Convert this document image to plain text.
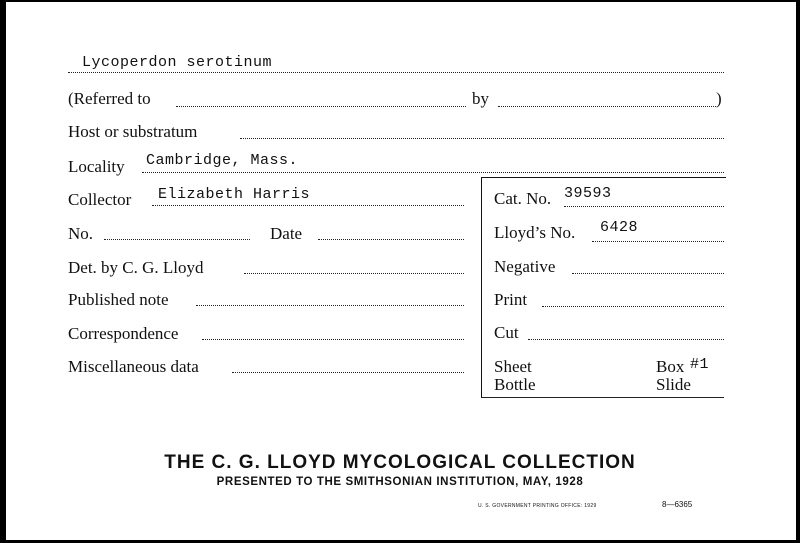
Lycoperdon serotinum
(Referred to	by	)
Host or substratum
Locality Cambridge, Mass.
Collector Elizabeth Harris
No.	Date
Det. by C. G. Lloyd
Published note
Correspondence
Miscellaneous data
Cat. No. 39593
Lloyd’s No. 6428
Negative
Print
Cut
Sheet	Box #1
Bottle	Slide
THE C. G. LLOYD MYCOLOGICAL COLLECTION
PRESENTED TO THE SMITHSONIAN INSTITUTION, MAY, 1928
U. S. GOVERNMENT PRINTING OFFICE: 1929	8—6365
